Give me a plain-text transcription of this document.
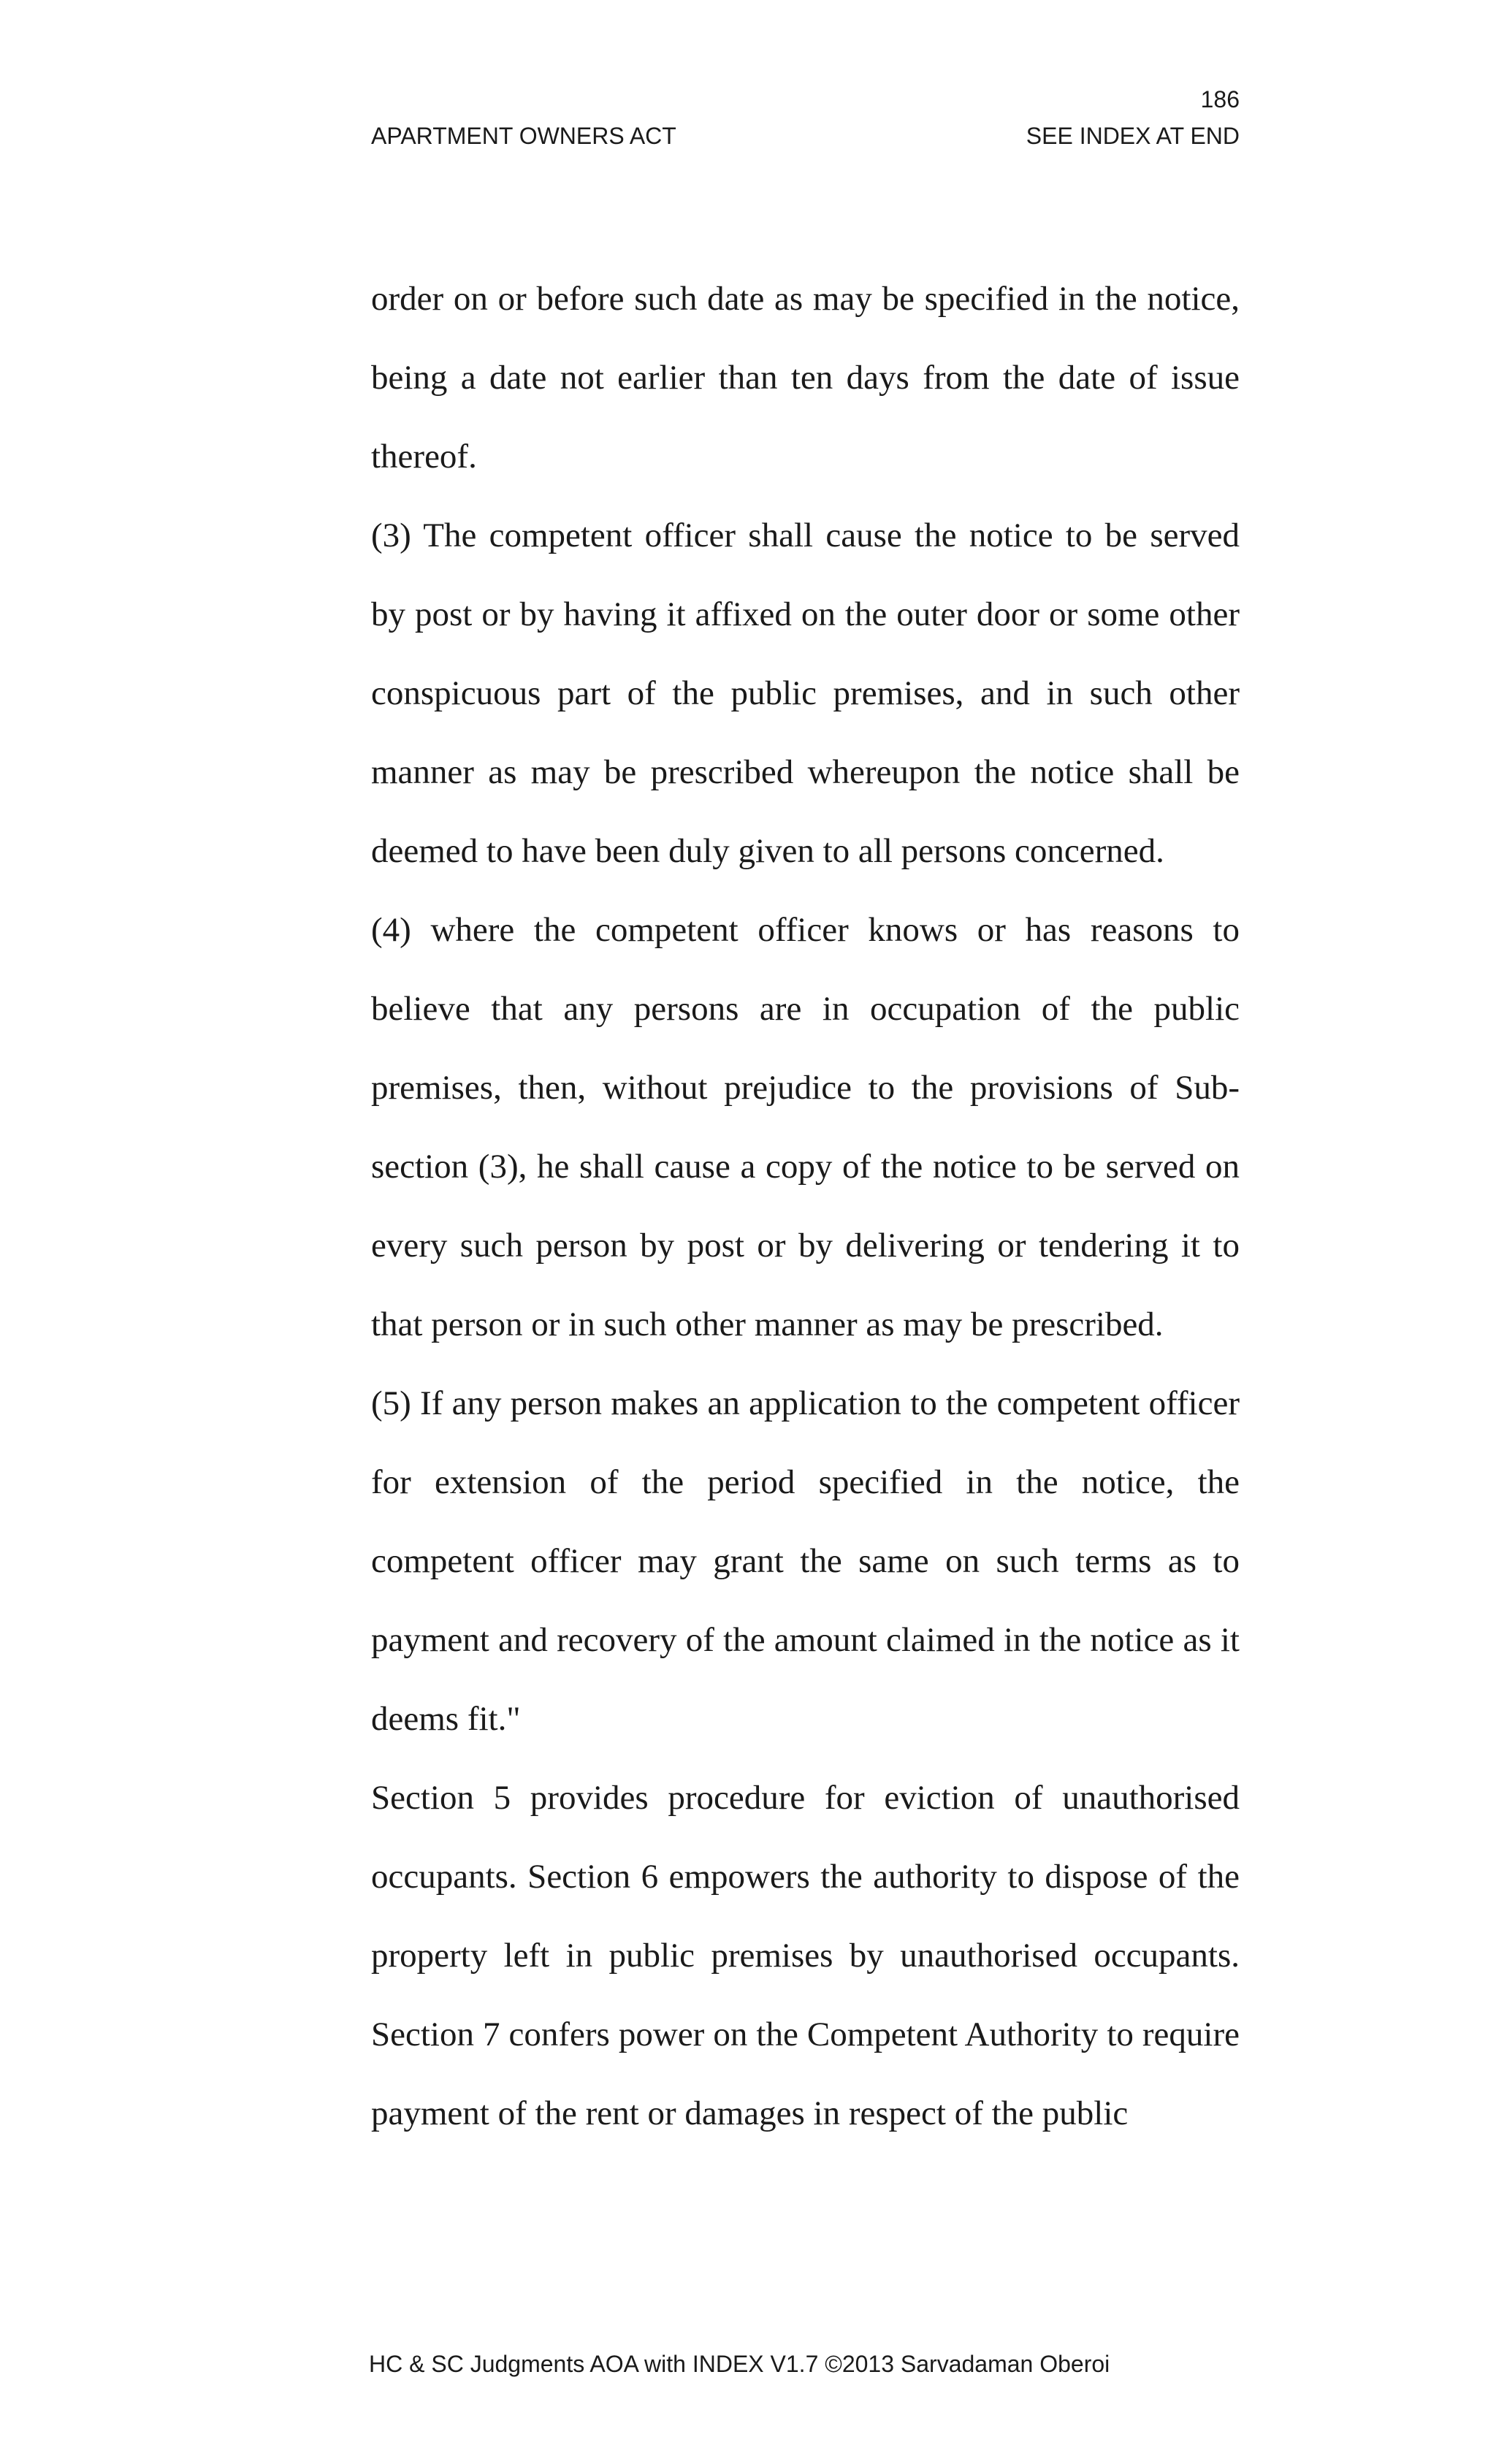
186
APARTMENT OWNERS ACT	SEE INDEX AT END

order on or before such date as may be specified in the notice, being a date not earlier than ten days from the date of issue thereof.

(3) The competent officer shall cause the notice to be served by post or by having it affixed on the outer door or some other conspicuous part of the public premises, and in such other manner as may be prescribed whereupon the notice shall be deemed to have been duly given to all persons concerned.

(4) where the competent officer knows or has reasons to believe that any persons are in occupation of the public premises, then, without prejudice to the provisions of Sub-section (3), he shall cause a copy of the notice to be served on every such person by post or by delivering or tendering it to that person or in such other manner as may be prescribed.

(5) If any person makes an application to the competent officer for extension of the period specified in the notice, the competent officer may grant the same on such terms as to payment and recovery of the amount claimed in the notice as it deems fit."

Section 5 provides procedure for eviction of unauthorised occupants. Section 6 empowers the authority to dispose of the property left in public premises by unauthorised occupants. Section 7 confers power on the Competent Authority to require payment of the rent or damages in respect of the public

HC & SC Judgments AOA with INDEX V1.7 ©2013 Sarvadaman Oberoi
